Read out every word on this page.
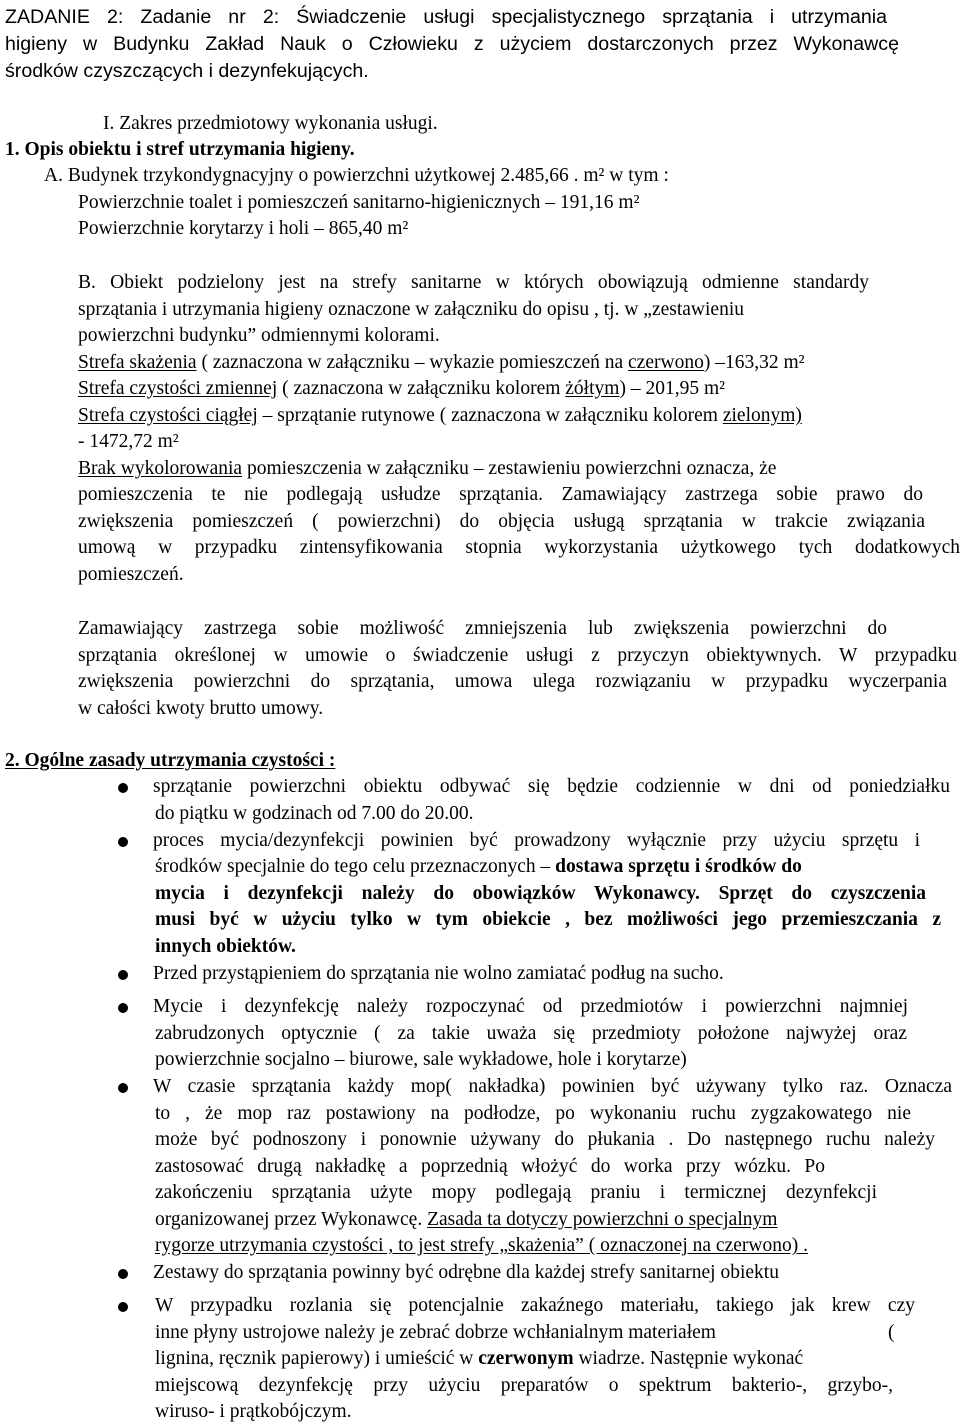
ZADANIE 2: Zadanie nr 2: Świadczenie usługi specjalistycznego sprzątania i utrzymania
higieny w Budynku Zakład Nauk o Człowieku z użyciem dostarczonych przez Wykonawcę
środków czyszczących i dezynfekujących.
I. Zakres przedmiotowy wykonania usługi.
1. Opis obiektu i stref utrzymania higieny.
A. Budynek trzykondygnacyjny o powierzchni użytkowej 2.485,66 . m² w tym :
Powierzchnie toalet i pomieszczeń sanitarno-higienicznych – 191,16 m²
Powierzchnie korytarzy i holi – 865,40 m²
B. Obiekt podzielony jest na strefy sanitarne w których obowiązują odmienne standardy
sprzątania i utrzymania higieny oznaczone w załączniku do opisu , tj. w „zestawieniu
powierzchni budynku” odmiennymi kolorami.
Strefa skażenia ( zaznaczona w załączniku – wykazie pomieszczeń na czerwono) –163,32 m²
Strefa czystości zmiennej ( zaznaczona w załączniku kolorem żółtym) – 201,95 m²
Strefa czystości ciągłej – sprzątanie rutynowe ( zaznaczona w załączniku kolorem zielonym)
- 1472,72 m²
Brak wykolorowania pomieszczenia w załączniku – zestawieniu powierzchni oznacza, że
pomieszczenia te nie podlegają usłudze sprzątania. Zamawiający zastrzega sobie prawo do
zwiększenia pomieszczeń ( powierzchni) do objęcia usługą sprzątania w trakcie związania
umową w przypadku zintensyfikowania stopnia wykorzystania użytkowego tych dodatkowych
pomieszczeń.
Zamawiający zastrzega sobie możliwość zmniejszenia lub zwiększenia powierzchni do
sprzątania określonej w umowie o świadczenie usługi z przyczyn obiektywnych. W przypadku
zwiększenia powierzchni do sprzątania, umowa ulega rozwiązaniu w przypadku wyczerpania
w całości kwoty brutto umowy.
2. Ogólne zasady utrzymania czystości :
sprzątanie powierzchni obiektu odbywać się będzie codziennie w dni od poniedziałku
do piątku w godzinach od 7.00 do 20.00.
proces mycia/dezynfekcji powinien być prowadzony wyłącznie przy użyciu sprzętu i
środków specjalnie do tego celu przeznaczonych – dostawa sprzętu i środków do
mycia i dezynfekcji należy do obowiązków Wykonawcy. Sprzęt do czyszczenia
musi być w użyciu tylko w tym obiekcie , bez możliwości jego przemieszczania z
innych obiektów.
Przed przystąpieniem do sprzątania nie wolno zamiatać podług na sucho.
Mycie i dezynfekcję należy rozpoczynać od przedmiotów i powierzchni najmniej
zabrudzonych optycznie ( za takie uważa się przedmioty położone najwyżej oraz
powierzchnie socjalno – biurowe, sale wykładowe, hole i korytarze)
W czasie sprzątania każdy mop( nakładka) powinien być używany tylko raz. Oznacza
to , że mop raz postawiony na podłodze, po wykonaniu ruchu zygzakowatego nie
może być podnoszony i ponownie używany do płukania . Do następnego ruchu należy
zastosować drugą nakładkę a poprzednią włożyć do worka przy wózku. Po
zakończeniu sprzątania użyte mopy podlegają praniu i termicznej dezynfekcji
organizowanej przez Wykonawcę. Zasada ta dotyczy powierzchni o specjalnym
rygorze utrzymania czystości , to jest strefy „skażenia” ( oznaczonej na czerwono) .
Zestawy do sprzątania powinny być odrębne dla każdej strefy sanitarnej obiektu
W przypadku rozlania się potencjalnie zakaźnego materiału, takiego jak krew czy
inne płyny ustrojowe należy je zebrać dobrze wchłanialnym materiałem	(
lignina, ręcznik papierowy) i umieścić w czerwonym wiadrze. Następnie wykonać
miejscową dezynfekcję przy użyciu preparatów o spektrum bakterio-, grzybo-,
wiruso- i prątkobójczym.
